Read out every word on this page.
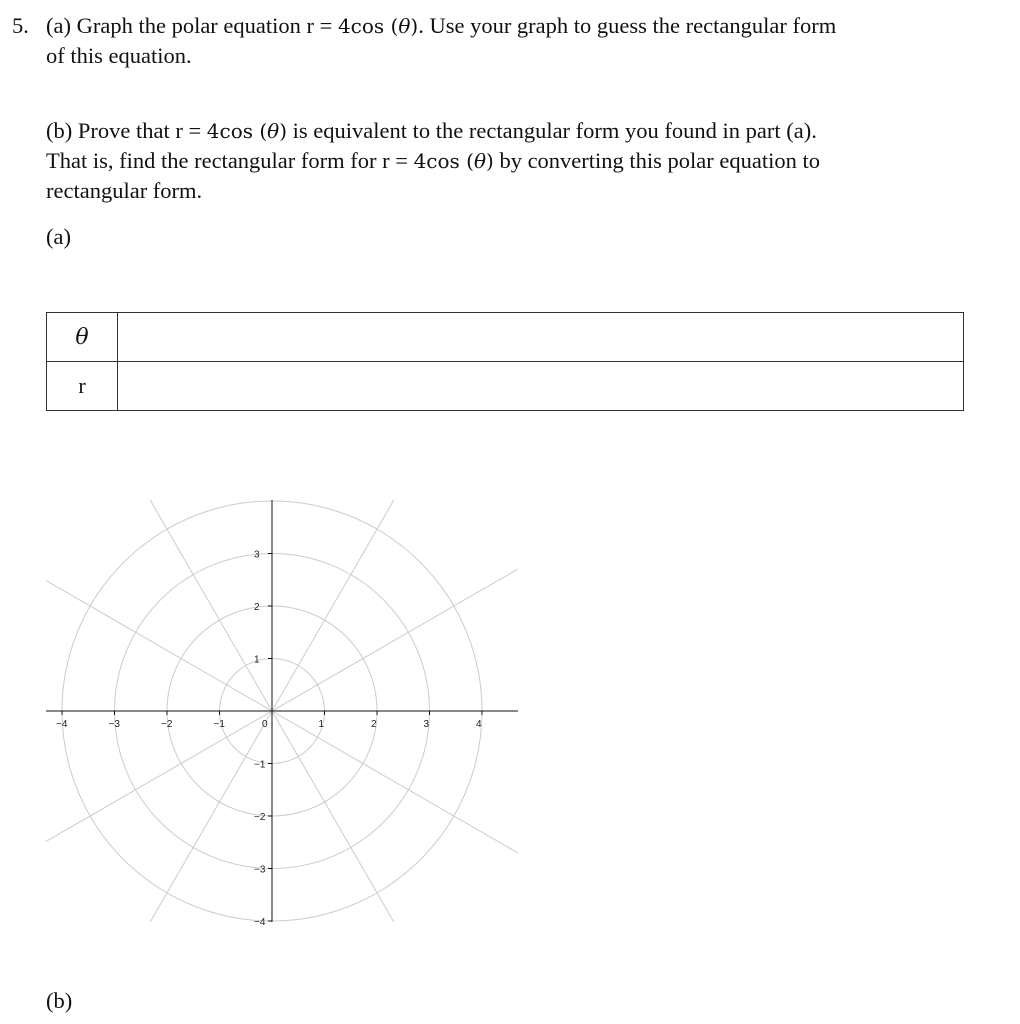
5. (a) Graph the polar equation r = 4cos (θ). Use your graph to guess the rectangular form
of this equation.
(b) Prove that r = 4cos (θ) is equivalent to the rectangular form you found in part (a).
That is, find the rectangular form for r = 4cos (θ) by converting this polar equation to
rectangular form.
(a)
θ	
r	
−4	−3	−2	−1	0	1	2	3	4
−4
−3
−2
−1
1
2
3
(b)
